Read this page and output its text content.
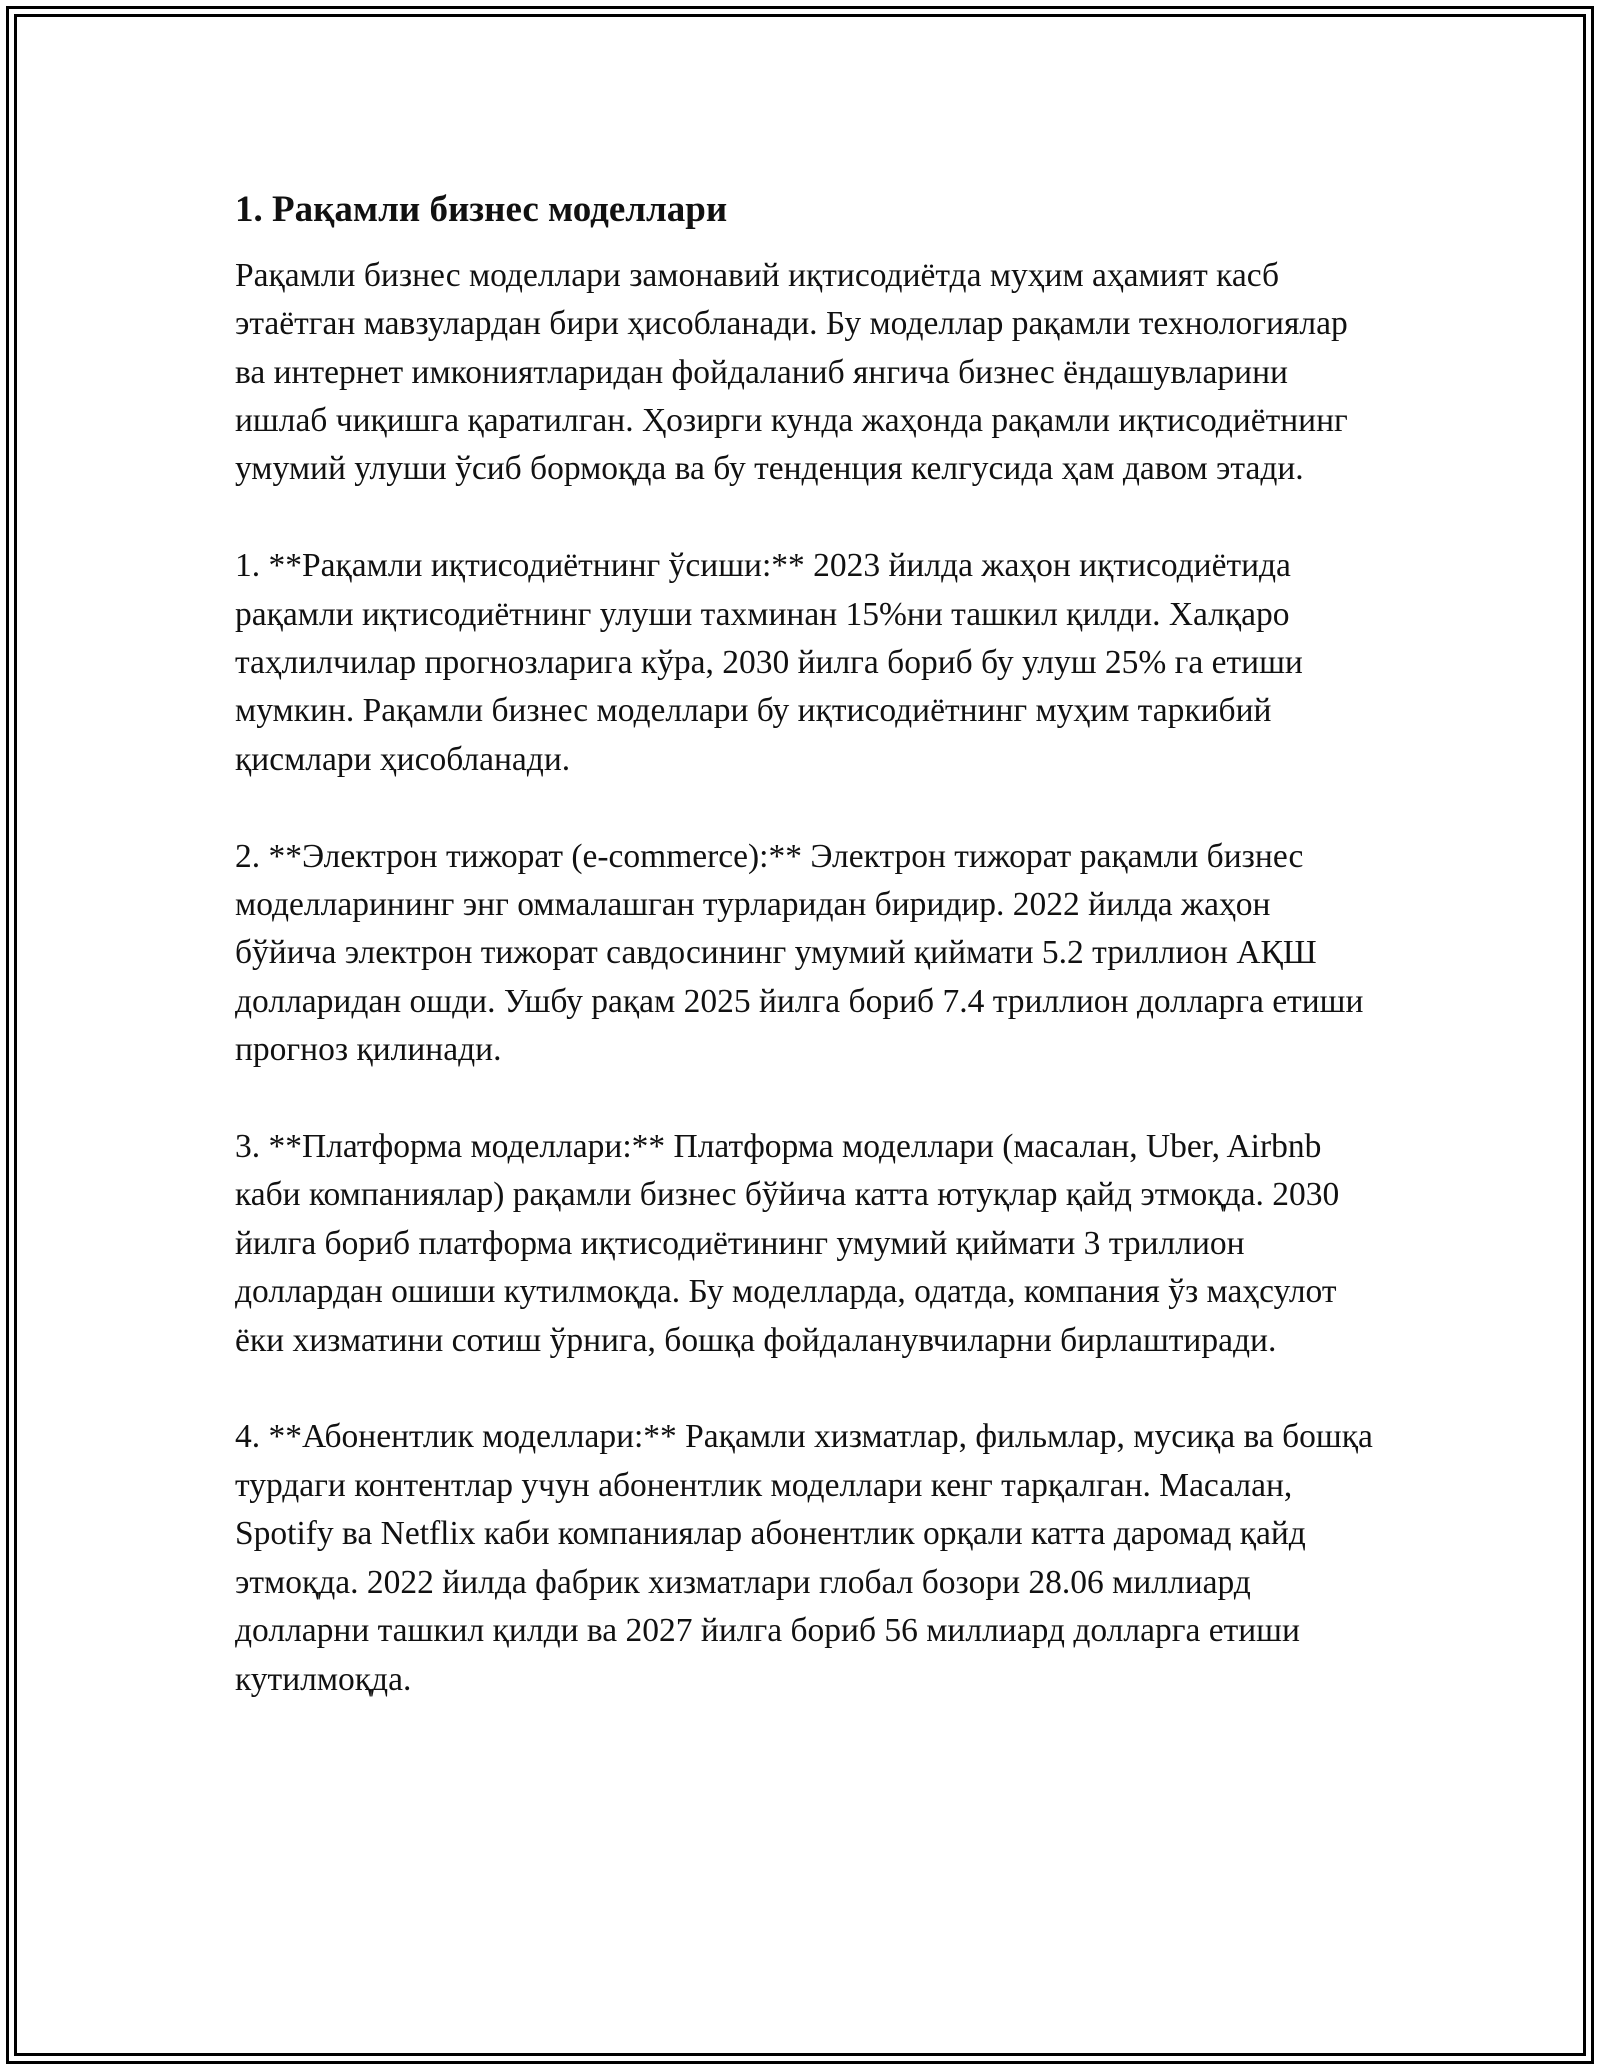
1. Рақамли бизнес моделлари

Рақамли бизнес моделлари замонавий иқтисодиётда муҳим аҳамият касб этаётган мавзулардан бири ҳисобланади. Бу моделлар рақамли технологиялар ва интернет имкониятларидан фойдаланиб янгича бизнес ёндашувларини ишлаб чиқишга қаратилган. Ҳозирги кунда жаҳонда рақамли иқтисодиётнинг умумий улуши ўсиб бормоқда ва бу тенденция келгусида ҳам давом этади.

1. **Рақамли иқтисодиётнинг ўсиши:** 2023 йилда жаҳон иқтисодиётида рақамли иқтисодиётнинг улуши тахминан 15%ни ташкил қилди. Халқаро таҳлилчилар прогнозларига кўра, 2030 йилга бориб бу улуш 25% га етиши мумкин. Рақамли бизнес моделлари бу иқтисодиётнинг муҳим таркибий қисмлари ҳисобланади.

2. **Электрон тижорат (e-commerce):** Электрон тижорат рақамли бизнес моделларининг энг оммалашган турларидан биридир. 2022 йилда жаҳон бўйича электрон тижорат савдосининг умумий қиймати 5.2 триллион АҚШ долларидан ошди. Ушбу рақам 2025 йилга бориб 7.4 триллион долларга етиши прогноз қилинади.

3. **Платформа моделлари:** Платформа моделлари (масалан, Uber, Airbnb каби компаниялар) рақамли бизнес бўйича катта ютуқлар қайд этмоқда. 2030 йилга бориб платформа иқтисодиётининг умумий қиймати 3 триллион доллардан ошиши кутилмоқда. Бу моделларда, одатда, компания ўз маҳсулот ёки хизматини сотиш ўрнига, бошқа фойдаланувчиларни бирлаштиради.

4. **Абонентлик моделлари:** Рақамли хизматлар, фильмлар, мусиқа ва бошқа турдаги контентлар учун абонентлик моделлари кенг тарқалган. Масалан, Spotify ва Netflix каби компаниялар абонентлик орқали катта даромад қайд этмоқда. 2022 йилда фабрик хизматлари глобал бозори 28.06 миллиард долларни ташкил қилди ва 2027 йилга бориб 56 миллиард долларга етиши кутилмоқда.
